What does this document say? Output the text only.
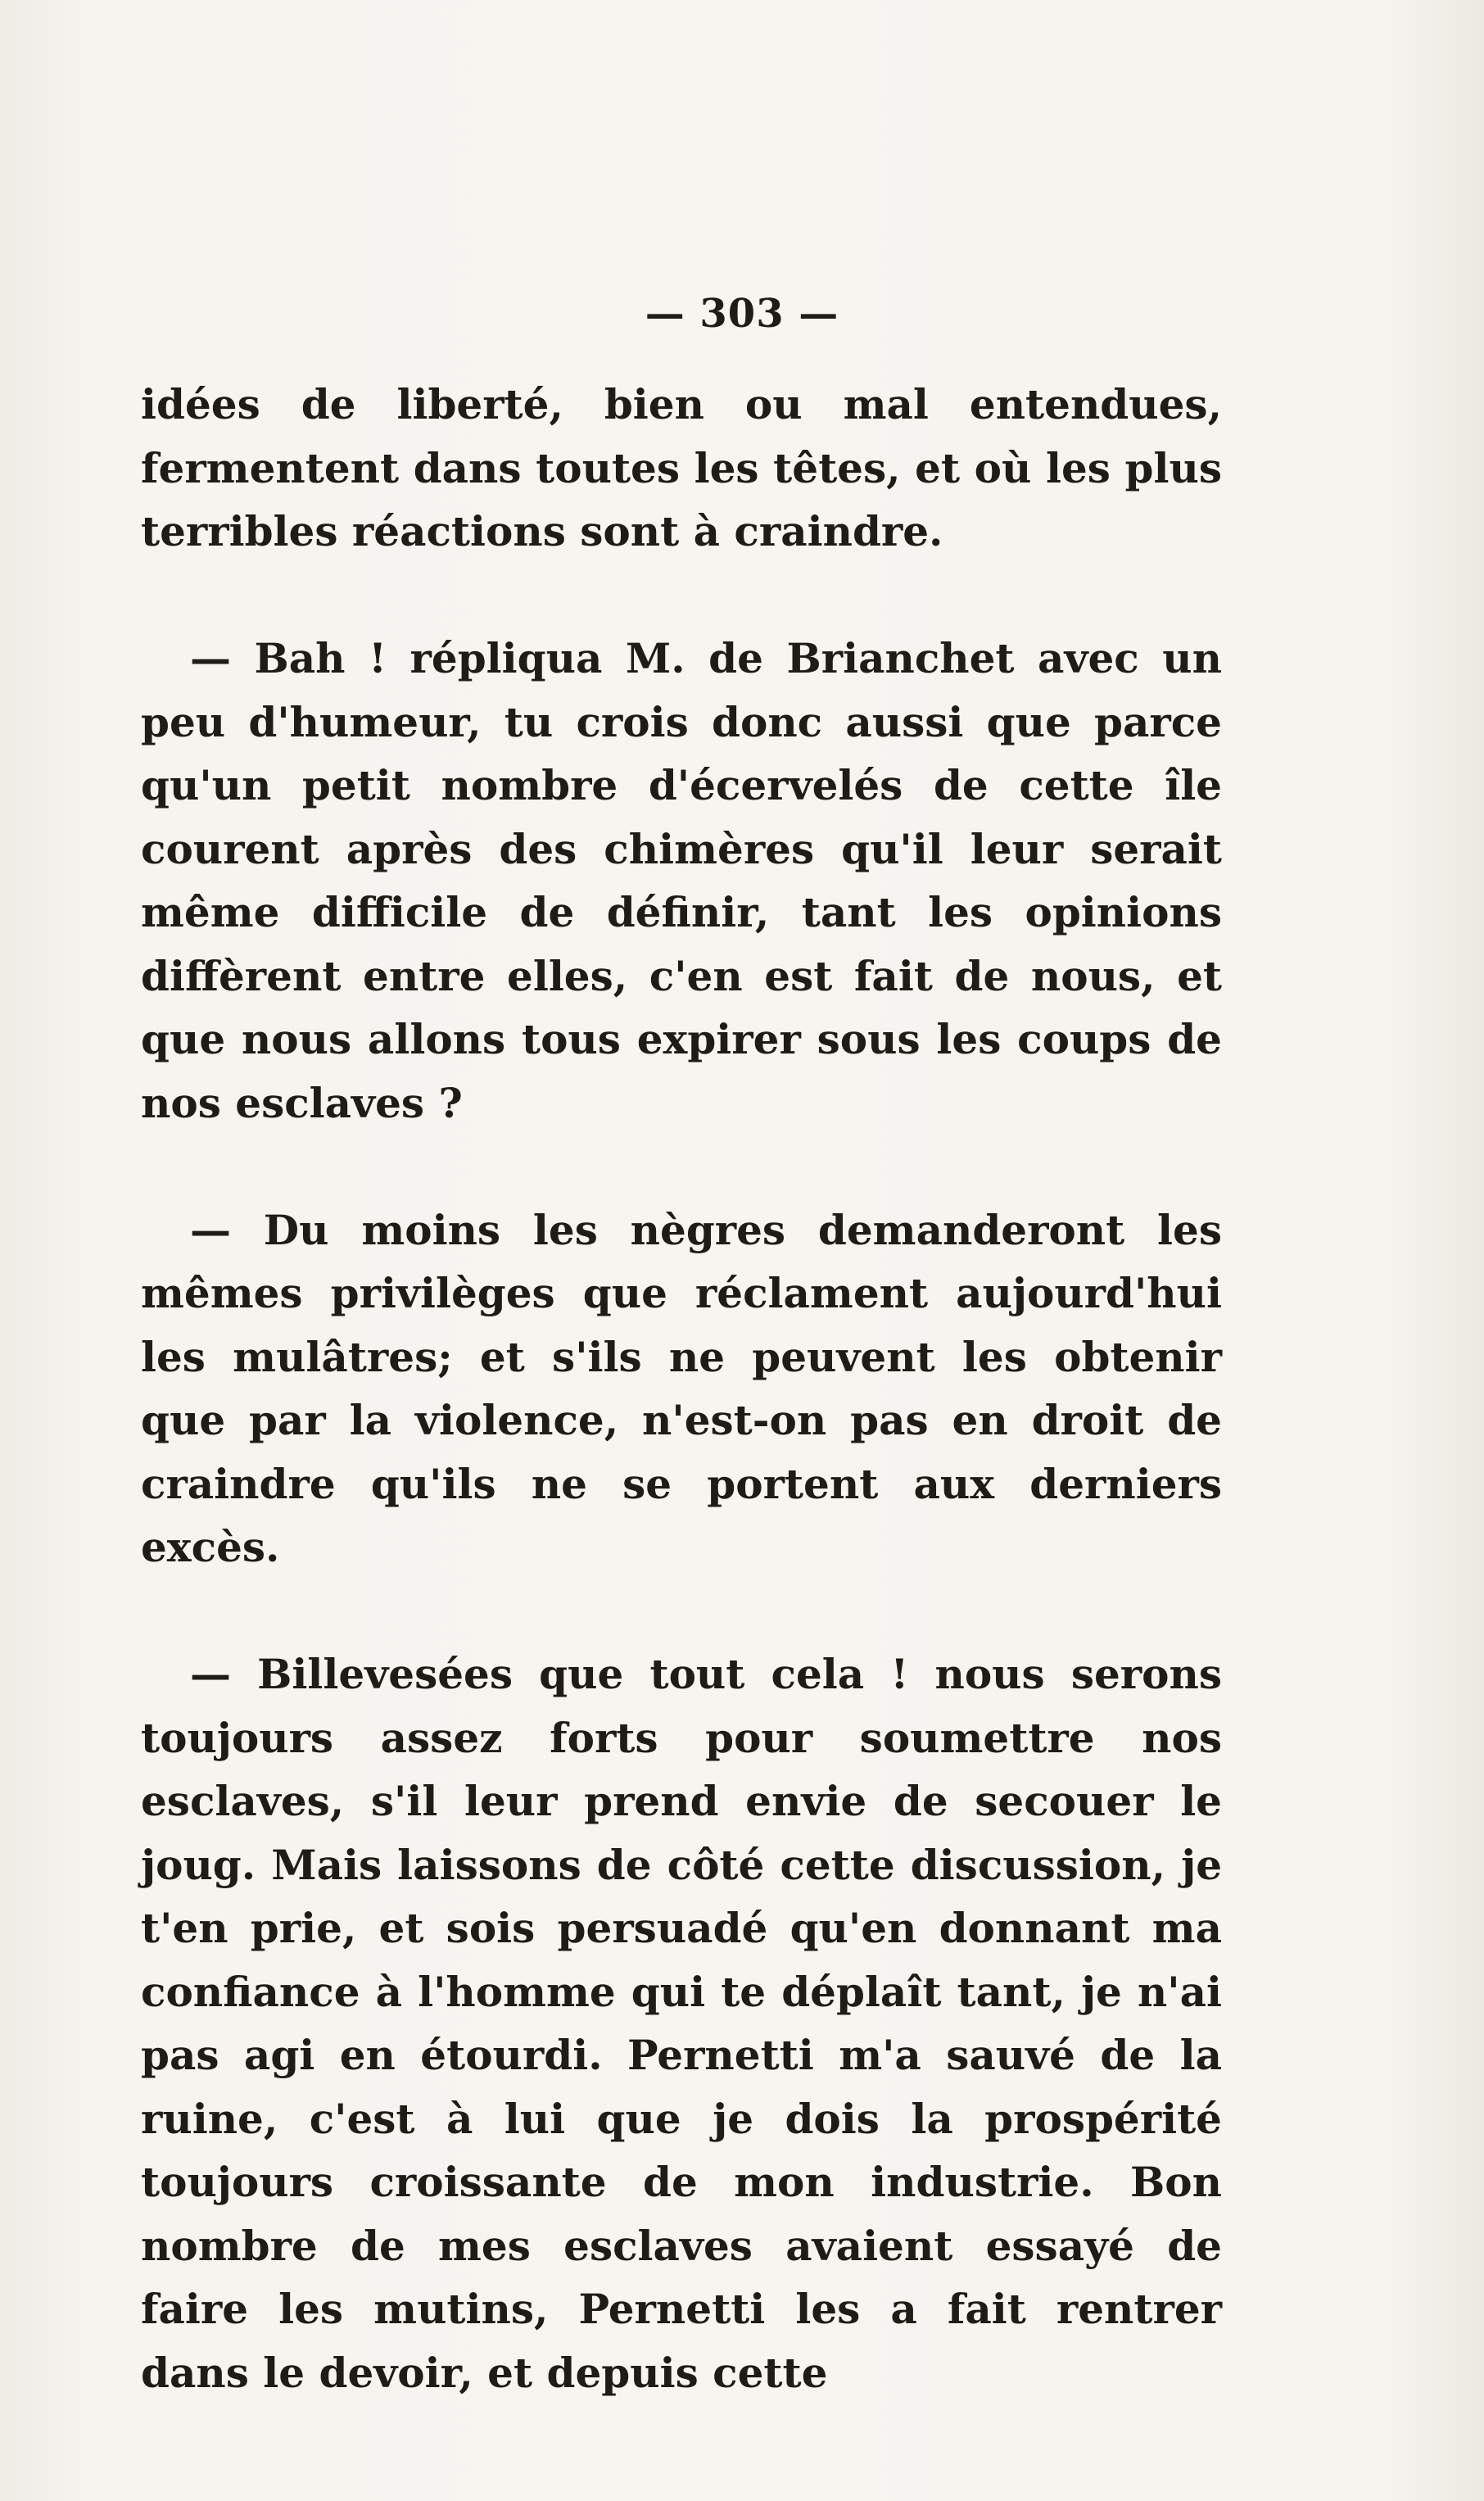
— 303 —

idées de liberté, bien ou mal entendues, fermentent dans toutes les têtes, et où les plus terribles réactions sont à craindre.

— Bah ! répliqua M. de Brianchet avec un peu d'humeur, tu crois donc aussi que parce qu'un petit nombre d'écervelés de cette île courent après des chimères qu'il leur serait même difficile de définir, tant les opinions diffèrent entre elles, c'en est fait de nous, et que nous allons tous expirer sous les coups de nos esclaves ?

— Du moins les nègres demanderont les mêmes privilèges que réclament aujourd'hui les mulâtres; et s'ils ne peuvent les obtenir que par la violence, n'est-on pas en droit de craindre qu'ils ne se portent aux derniers excès.

— Billevesées que tout cela ! nous serons toujours assez forts pour soumettre nos esclaves, s'il leur prend envie de secouer le joug. Mais laissons de côté cette discussion, je t'en prie, et sois persuadé qu'en donnant ma confiance à l'homme qui te déplaît tant, je n'ai pas agi en étourdi. Pernetti m'a sauvé de la ruine, c'est à lui que je dois la prospérité toujours croissante de mon industrie. Bon nombre de mes esclaves avaient essayé de faire les mutins, Pernetti les a fait rentrer dans le devoir, et depuis cette
